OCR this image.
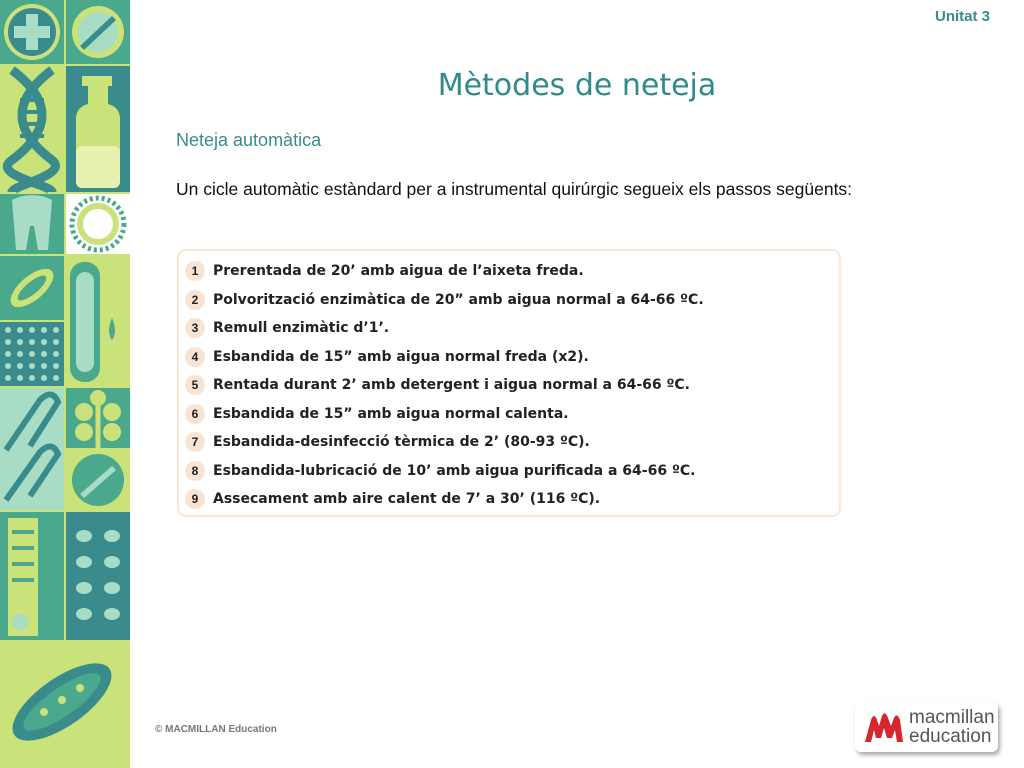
Unitat 3
Mètodes de neteja
Neteja automàtica

Un cicle automàtic estàndard per a instrumental quirúrgic segueix els passos següents:

1	Prerentada de 20’ amb aigua de l’aixeta freda.
2	Polvorització enzimàtica de 20” amb aigua normal a 64-66 ºC.
3	Remull enzimàtic d’1’.
4	Esbandida de 15” amb aigua normal freda (x2).
5	Rentada durant 2’ amb detergent i aigua normal a 64-66 ºC.
6	Esbandida de 15” amb aigua normal calenta.
7	Esbandida-desinfecció tèrmica de 2’ (80-93 ºC).
8	Esbandida-lubricació de 10’ amb aigua purificada a 64-66 ºC.
9	Assecament amb aire calent de 7’ a 30’ (116 ºC).
© MACMILLAN Education
macmillan
education
